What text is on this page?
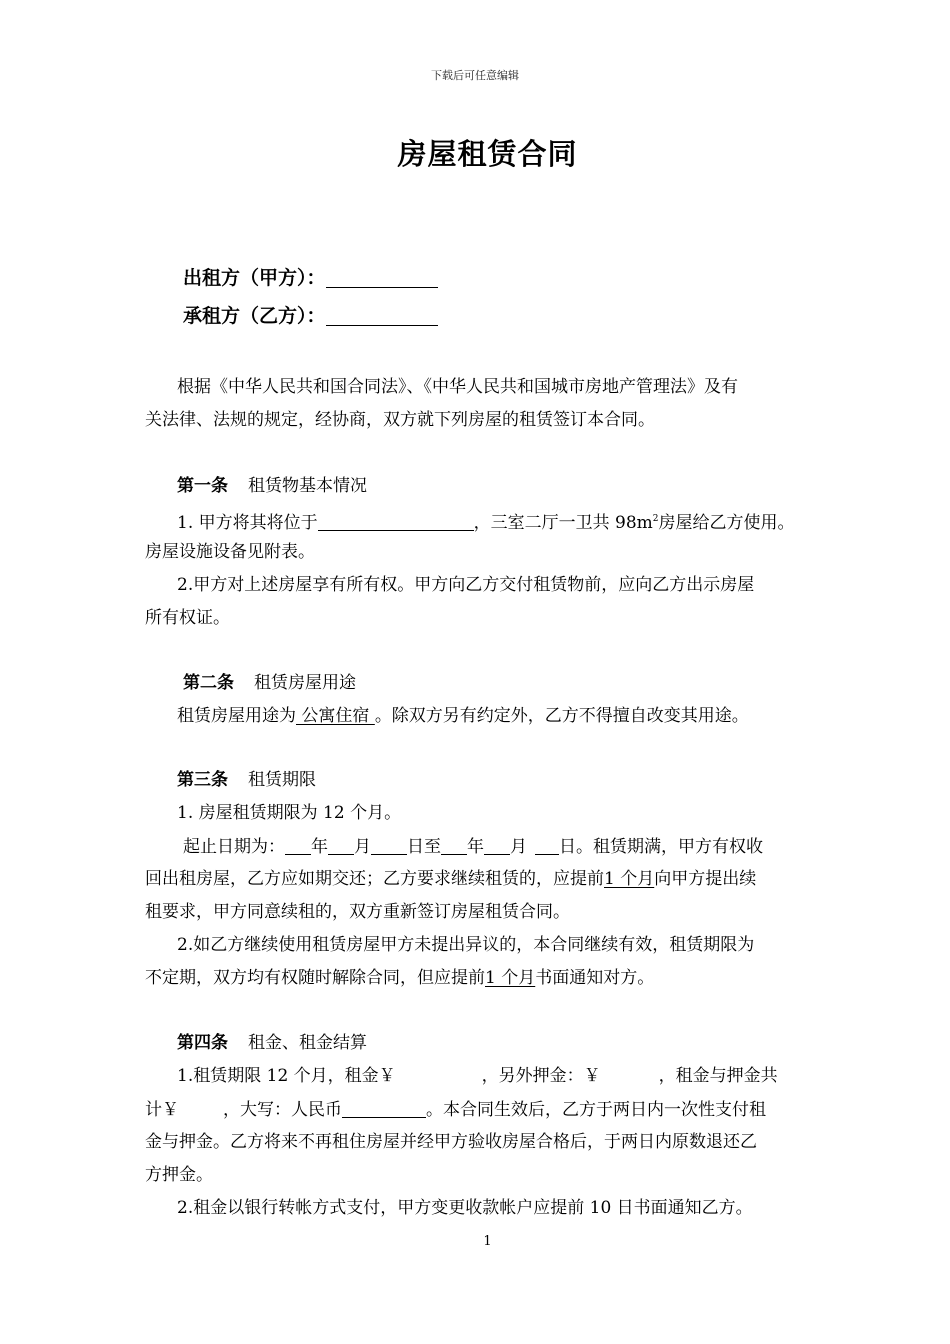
下载后可任意编辑
房屋租赁合同
出租方（甲方）：
承租方（乙方）：
根据《中华人民共和国合同法》、《中华人民共和国城市房地产管理法》及有
关法律、法规的规定，经协商，双方就下列房屋的租赁签订本合同。
第一条 租赁物基本情况
1. 甲方将其将位于	，三室二厅一卫共 $98m^2$房屋给乙方使用。
房屋设施设备见附表。
2.甲方对上述房屋享有所有权。甲方向乙方交付租赁物前，应向乙方出示房屋
所有权证。
第二条 租赁房屋用途
租赁房屋用途为 公寓住宿 。除双方另有约定外，乙方不得擅自改变其用途。
第三条 租赁期限
1. 房屋租赁期限为 12 个月。
起止日期为： 年 月 日至 年 月 日。租赁期满，甲方有权收
回出租房屋，乙方应如期交还；乙方要求继续租赁的，应提前1 个月向甲方提出续
租要求，甲方同意续租的，双方重新签订房屋租赁合同。
2.如乙方继续使用租赁房屋甲方未提出异议的，本合同继续有效，租赁期限为
不定期，双方均有权随时解除合同，但应提前1 个月书面通知对方。
第四条 租金、租金结算
1.租赁期限 12 个月，租金￥	，另外押金：￥	，租金与押金共
计￥	，大写：人民币	。本合同生效后，乙方于两日内一次性支付租
金与押金。乙方将来不再租住房屋并经甲方验收房屋合格后，于两日内原数退还乙
方押金。
2.租金以银行转帐方式支付，甲方变更收款帐户应提前 10 日书面通知乙方。
1
